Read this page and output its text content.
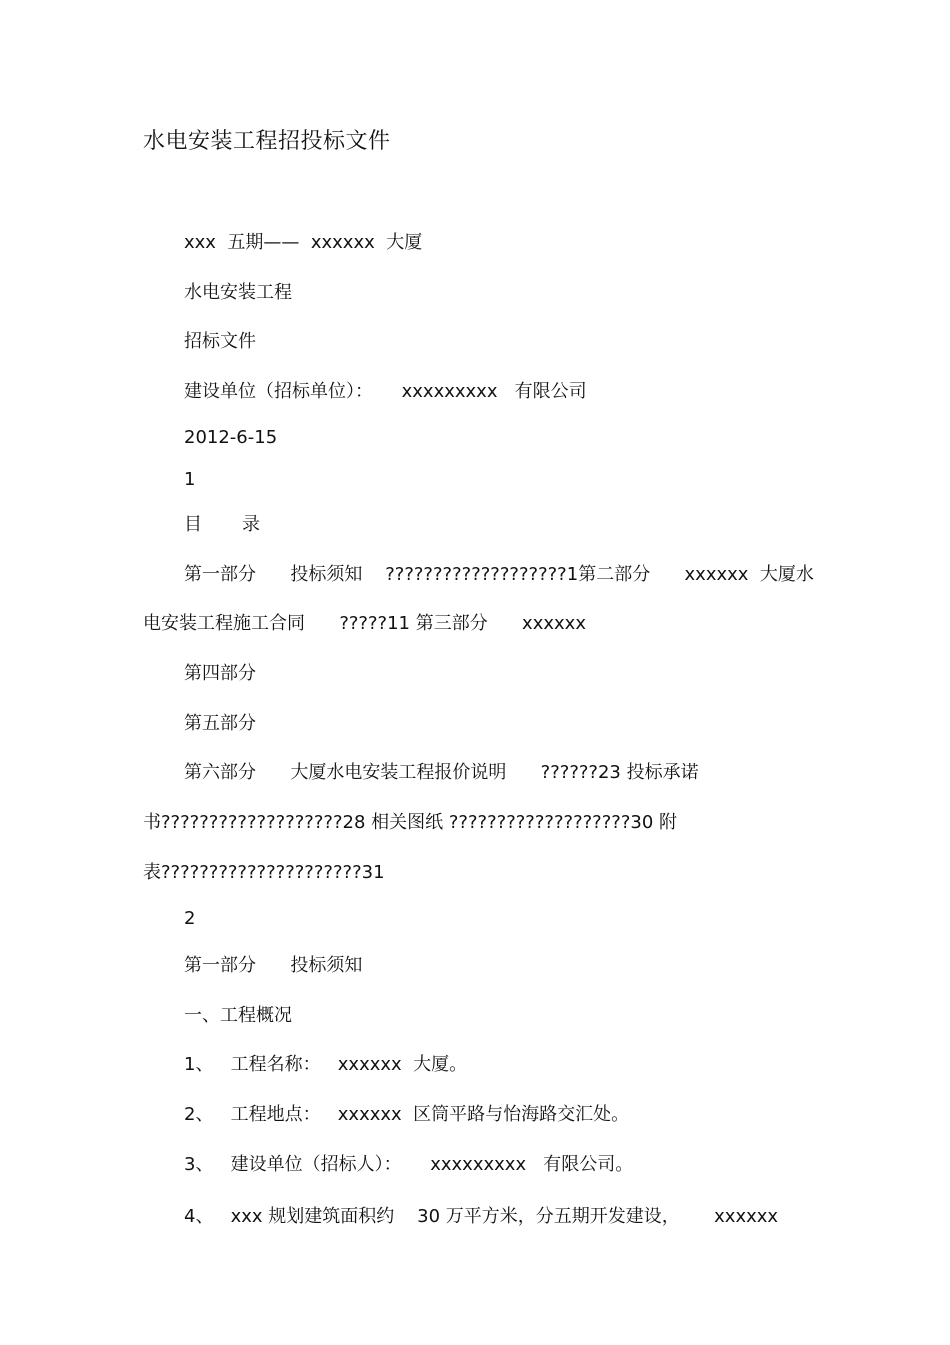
水电安装工程招投标文件
xxx  五期——  xxxxxx  大厦
水电安装工程
招标文件
建设单位（招标单位）：     xxxxxxxxx   有限公司
2012-6-15
1
目       录
第一部分      投标须知    ???????????????????1第二部分      xxxxxx  大厦水
电安装工程施工合同      ?????11 第三部分      xxxxxx
第四部分
第五部分
第六部分      大厦水电安装工程报价说明      ??????23 投标承诺
书???????????????????28 相关图纸 ???????????????????30 附
表?????????????????????31
2
第一部分      投标须知
一、工程概况
1、   工程名称：   xxxxxx  大厦。
2、   工程地点：   xxxxxx  区筒平路与怡海路交汇处。
3、   建设单位（招标人）：     xxxxxxxxx   有限公司。
4、   xxx 规划建筑面积约    30 万平方米，分五期开发建设，      xxxxxx
